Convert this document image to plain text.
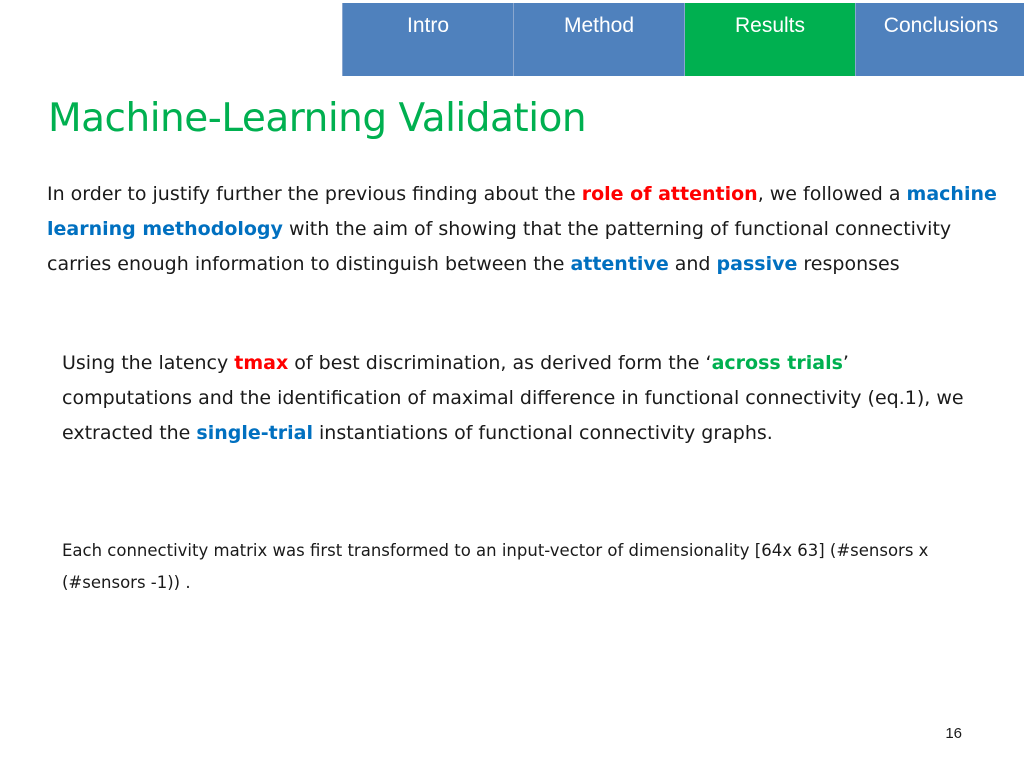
Intro	Method	Results	Conclusions
Machine-Learning Validation

In order to justify further the previous finding about the role of attention, we followed a machine learning methodology with the aim of showing that the patterning of functional connectivity carries enough information to distinguish between the attentive and passive responses

Using the latency tmax of best discrimination, as derived form the ‘across trials’ computations and the identification of maximal difference in functional connectivity (eq.1), we extracted the single-trial instantiations of functional connectivity graphs.

Each connectivity matrix was first transformed to an input-vector of dimensionality [64x 63] (#sensors x (#sensors -1)) .

16
